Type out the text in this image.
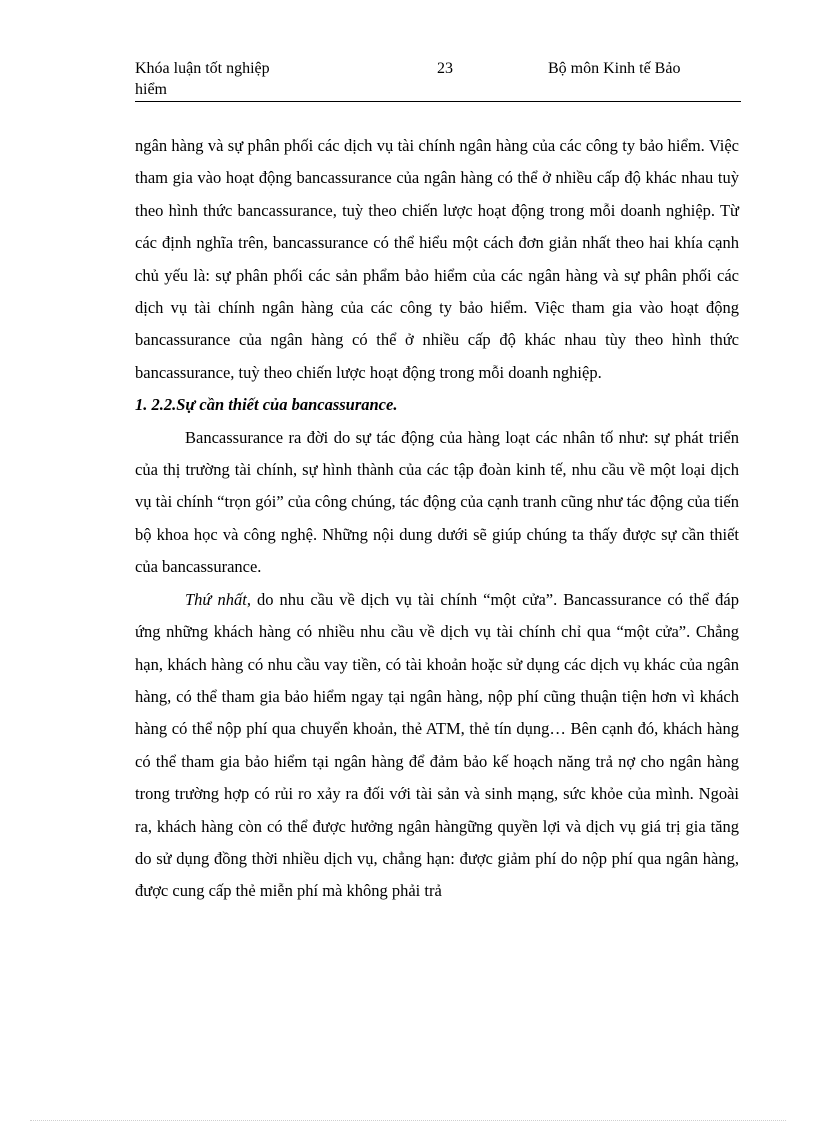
Khóa luận tốt nghiệp
hiểm
23	Bộ môn Kinh tế Bảo

ngân hàng và sự phân phối các dịch vụ tài chính ngân hàng của các công ty bảo hiểm. Việc tham gia vào hoạt động bancassurance của ngân hàng có thể ở nhiều cấp độ khác nhau tuỳ theo hình thức bancassurance, tuỳ theo chiến lược hoạt động trong mỗi doanh nghiệp. Từ các định nghĩa trên, bancassurance có thể hiểu một cách đơn giản nhất theo hai khía cạnh chủ yếu là: sự phân phối các sản phẩm bảo hiểm của các ngân hàng và sự phân phối các dịch vụ tài chính ngân hàng của các công ty bảo hiểm. Việc tham gia vào hoạt động bancassurance của ngân hàng có thể ở nhiều cấp độ khác nhau tùy theo hình thức bancassurance, tuỳ theo chiến lược hoạt động trong mỗi doanh nghiệp.

1. 2.2.Sự cần thiết của bancassurance.

Bancassurance ra đời do sự tác động của hàng loạt các nhân tố như: sự phát triển của thị trường tài chính, sự hình thành của các tập đoàn kinh tế, nhu cầu về một loại dịch vụ tài chính “trọn gói” của công chúng, tác động của cạnh tranh cũng như tác động của tiến bộ khoa học và công nghệ. Những nội dung dưới sẽ giúp chúng ta thấy được sự cần thiết của bancassurance.

Thứ nhất, do nhu cầu về dịch vụ tài chính “một cửa”. Bancassurance có thể đáp ứng những khách hàng có nhiều nhu cầu về dịch vụ tài chính chỉ qua “một cửa”. Chẳng hạn, khách hàng có nhu cầu vay tiền, có tài khoản hoặc sử dụng các dịch vụ khác của ngân hàng, có thể tham gia bảo hiểm ngay tại ngân hàng, nộp phí cũng thuận tiện hơn vì khách hàng có thể nộp phí qua chuyển khoản, thẻ ATM, thẻ tín dụng… Bên cạnh đó, khách hàng có thể tham gia bảo hiểm tại ngân hàng để đảm bảo kế hoạch năng trả nợ cho ngân hàng trong trường hợp có rủi ro xảy ra đối với tài sản và sinh mạng, sức khỏe của mình. Ngoài ra, khách hàng còn có thể được hưởng ngân hàngững quyền lợi và dịch vụ giá trị gia tăng do sử dụng đồng thời nhiều dịch vụ, chẳng hạn: được giảm phí do nộp phí qua ngân hàng, được cung cấp thẻ miễn phí mà không phải trả
